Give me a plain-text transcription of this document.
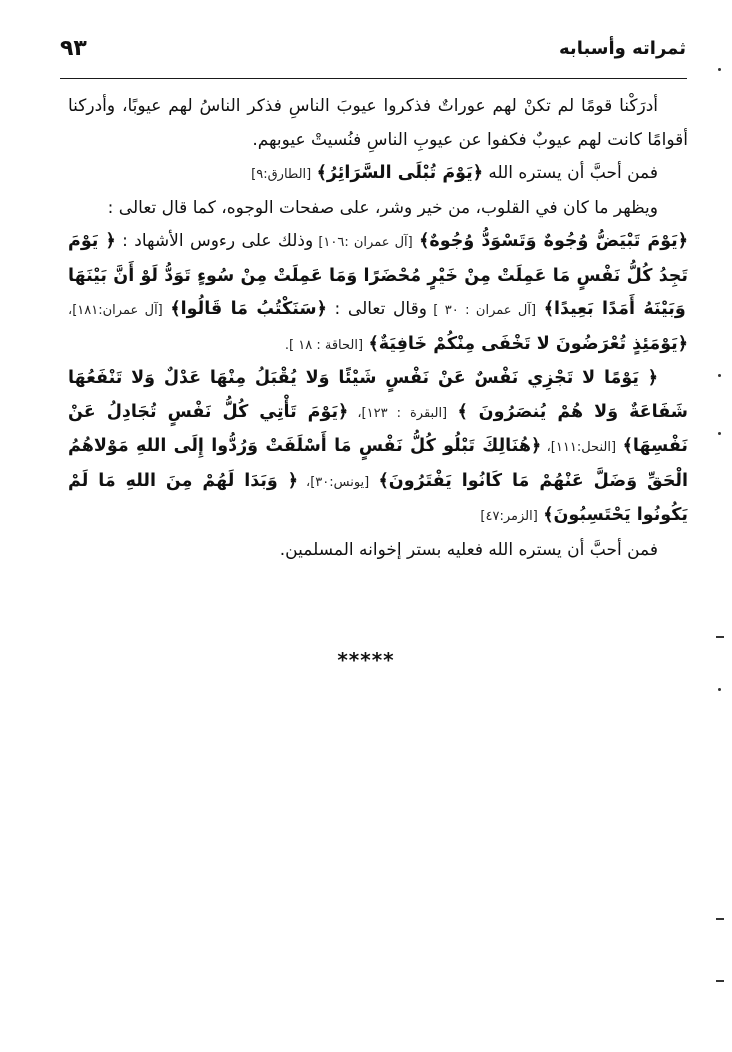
٩٣	ثمراته وأسبابه

أدرَكْنا قومًا لم تكنْ لهم عوراتٌ فذكروا عيوبَ الناسِ فذكر الناسُ لهم عيوبًا، وأدركنا أقوامًا كانت لهم عيوبٌ فكفوا عن عيوبِ الناسِ فنُسيتْ عيوبهم.

فمن أحبَّ أن يستره الله ﴿يَوْمَ تُبْلَى السَّرَائِرُ﴾ [الطارق:٩]

ويظهر ما كان في القلوب، من خير وشر، على صفحات الوجوه، كما قال تعالى :

﴿يَوْمَ تَبْيَضُّ وُجُوهٌ وَتَسْوَدُّ وُجُوهٌ﴾ [آل عمران :١٠٦] وذلك على رءوس الأشهاد : ﴿ يَوْمَ تَجِدُ كُلُّ نَفْسٍ مَا عَمِلَتْ مِنْ خَيْرٍ مُحْضَرًا وَمَا عَمِلَتْ مِنْ سُوءٍ تَوَدُّ لَوْ أَنَّ بَيْنَهَا وَبَيْنَهُ أَمَدًا بَعِيدًا﴾ [آل عمران : ٣٠ ] وقال تعالى : ﴿سَنَكْتُبُ مَا قَالُوا﴾ [آل عمران:١٨١]، ﴿يَوْمَئِذٍ تُعْرَضُونَ لا تَخْفَى مِنْكُمْ خَافِيَةٌ﴾ [الحاقة : ١٨ ].

﴿ يَوْمًا لا تَجْزِي نَفْسٌ عَنْ نَفْسٍ شَيْئًا وَلا يُقْبَلُ مِنْهَا عَدْلٌ وَلا تَنْفَعُهَا شَفَاعَةٌ وَلا هُمْ يُنصَرُونَ ﴾ [البقرة : ١٢٣]، ﴿يَوْمَ تَأْتِي كُلُّ نَفْسٍ تُجَادِلُ عَنْ نَفْسِهَا﴾ [النحل:١١١]، ﴿هُنَالِكَ تَبْلُو كُلُّ نَفْسٍ مَا أَسْلَفَتْ وَرُدُّوا إِلَى اللهِ مَوْلاهُمُ الْحَقِّ وَضَلَّ عَنْهُمْ مَا كَانُوا يَفْتَرُونَ﴾ [يونس:٣٠]، ﴿ وَبَدَا لَهُمْ مِنَ اللهِ مَا لَمْ يَكُونُوا يَحْتَسِبُونَ﴾ [الزمر:٤٧]

فمن أحبَّ أن يستره الله فعليه بستر إخوانه المسلمين.

*****
